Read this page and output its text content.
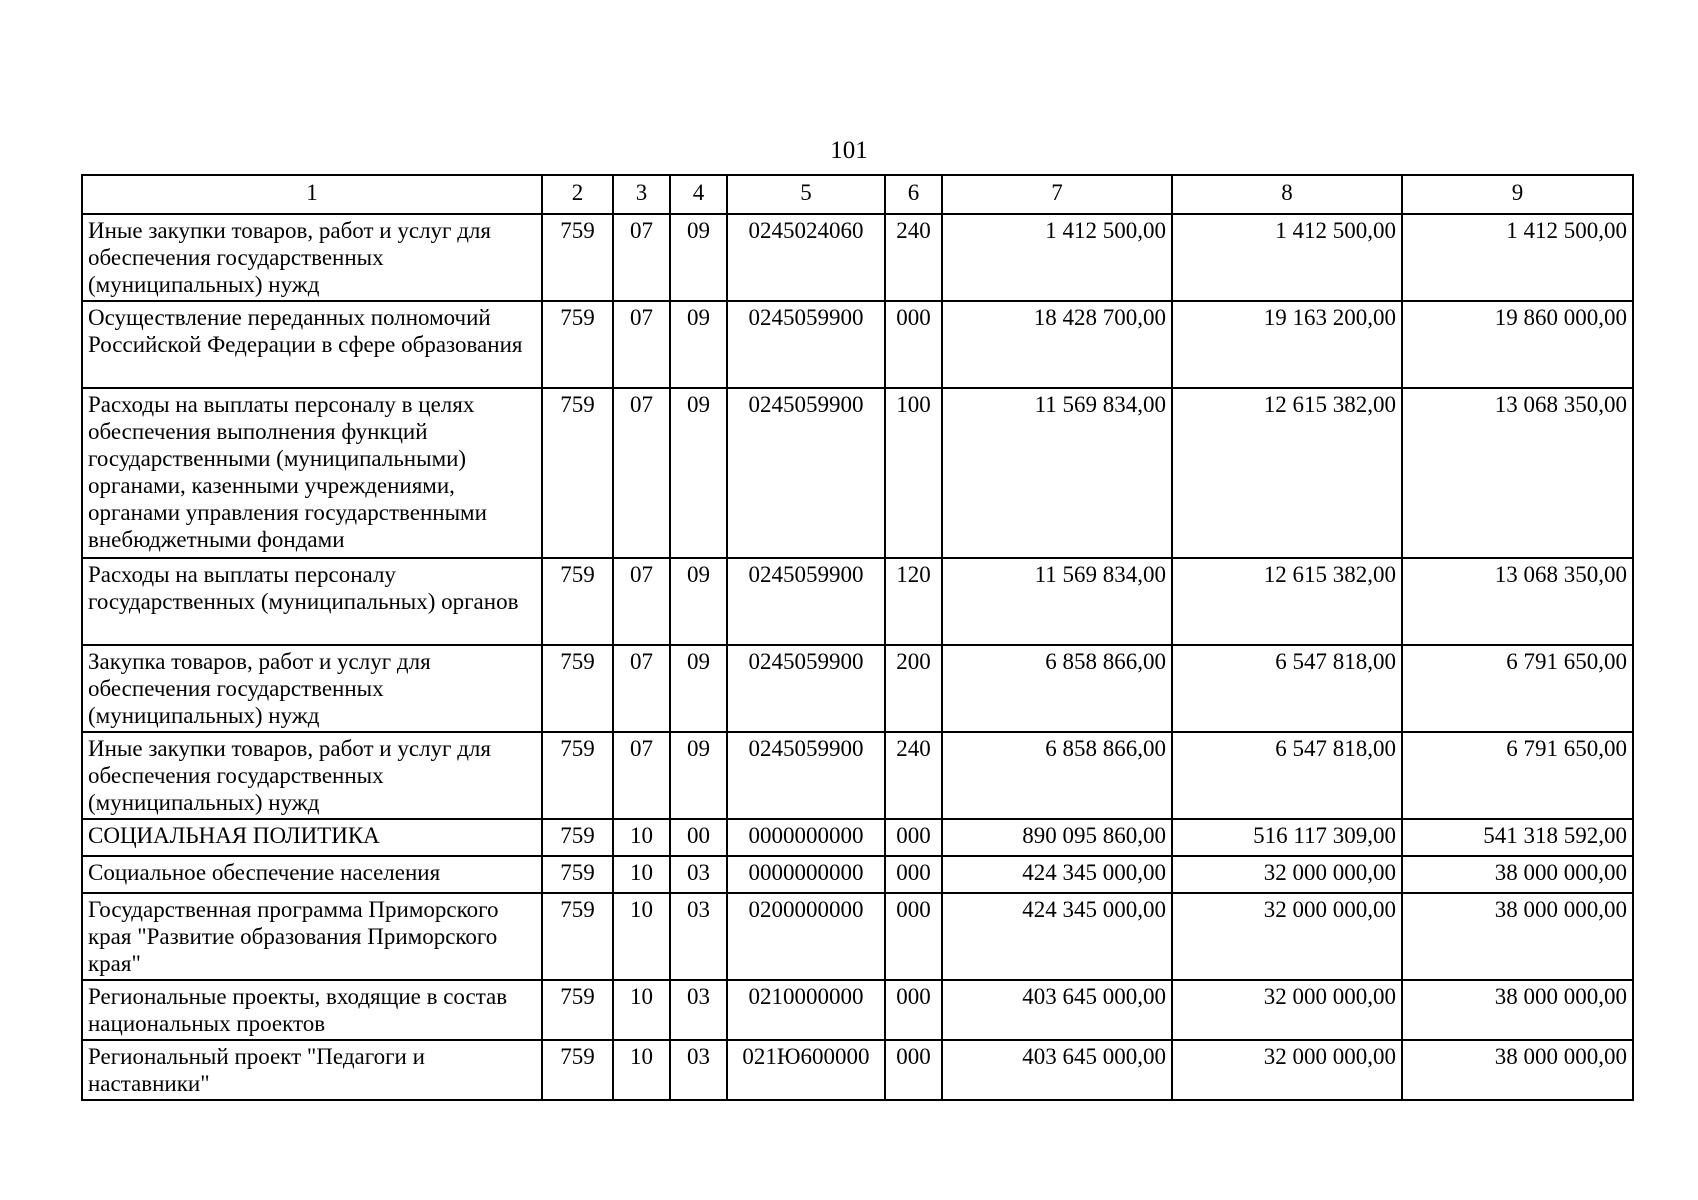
101
1	2	3	4	5	6	7	8	9
Иные закупки товаров, работ и услуг для обеспечения государственных (муниципальных) нужд	759	07	09	0245024060	240	1 412 500,00	1 412 500,00	1 412 500,00
Осуществление переданных полномочий Российской Федерации в сфере образования	759	07	09	0245059900	000	18 428 700,00	19 163 200,00	19 860 000,00
Расходы на выплаты персоналу в целях обеспечения выполнения функций государственными (муниципальными) органами, казенными учреждениями, органами управления государственными внебюджетными фондами	759	07	09	0245059900	100	11 569 834,00	12 615 382,00	13 068 350,00
Расходы на выплаты персоналу государственных (муниципальных) органов	759	07	09	0245059900	120	11 569 834,00	12 615 382,00	13 068 350,00
Закупка товаров, работ и услуг для обеспечения государственных (муниципальных) нужд	759	07	09	0245059900	200	6 858 866,00	6 547 818,00	6 791 650,00
Иные закупки товаров, работ и услуг для обеспечения государственных (муниципальных) нужд	759	07	09	0245059900	240	6 858 866,00	6 547 818,00	6 791 650,00
СОЦИАЛЬНАЯ ПОЛИТИКА	759	10	00	0000000000	000	890 095 860,00	516 117 309,00	541 318 592,00
Социальное обеспечение населения	759	10	03	0000000000	000	424 345 000,00	32 000 000,00	38 000 000,00
Государственная программа Приморского края "Развитие образования Приморского края"	759	10	03	0200000000	000	424 345 000,00	32 000 000,00	38 000 000,00
Региональные проекты, входящие в состав национальных проектов	759	10	03	0210000000	000	403 645 000,00	32 000 000,00	38 000 000,00
Региональный проект "Педагоги и наставники"	759	10	03	021Ю600000	000	403 645 000,00	32 000 000,00	38 000 000,00
